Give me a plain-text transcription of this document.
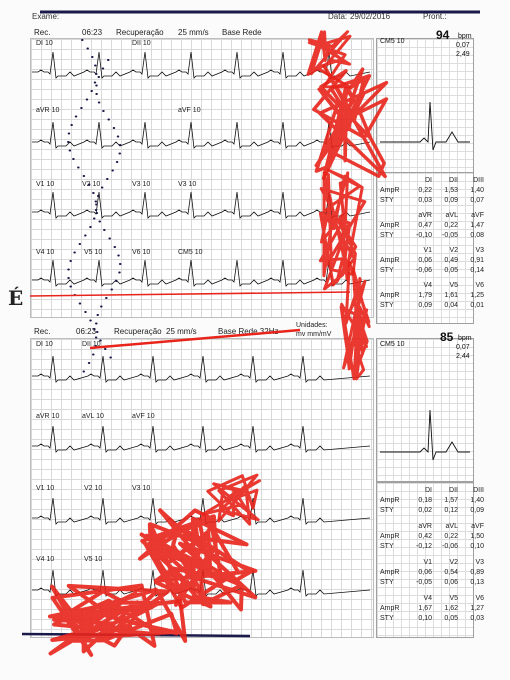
Exame:	Data: 29/02/2016	Pront.:
Rec.	06:23 Recuperação 25 mm/s Base Rede
DI 10	DII 10
aVR 10	aVF 10
V1 10	V2 10	V3 10	V3 10
V4 10	V5 10	V6 10	CM5 10
CM5 10	94 bpm
0,07
2,49
DI	DII	DIII
AmpR	0,22	1,53	1,40
STY	0,03	0,09	0,07
aVR	aVL	aVF
AmpR	0,47	0,22	1,47
STY	-0,10	-0,05	0,08
V1	V2	V3
AmpR	0,06	0,49	0,91
STY	-0,06	0,05	0,14
V4	V5	V6
AmpR	1,79	1,61	1,25
STY	0,09	0,04	0,01
Rec.	06:23 Recuperação 25 mm/s	Base Rede 32Hz
Unidades:
mv mm/mV
DI 10	DII 10
aVR 10	aVL 10	aVF 10
V1 10	V2 10	V3 10
V4 10	V5 10
CM5 10
85 bpm
0,07
2,44
DI	DII	DIII
AmpR	0,18	1,57	1,40
STY	0,02	0,12	0,09
aVR	aVL	aVF
AmpR	0,42	0,22	1,50
STY	-0,12	-0,06	0,10
V1	V2	V3
AmpR	0,06	0,54	0,89
STY	-0,05	0,06	0,13
V4	V5	V6
AmpR	1,67	1,62	1,27
STY	0,10	0,05	0,03
É
